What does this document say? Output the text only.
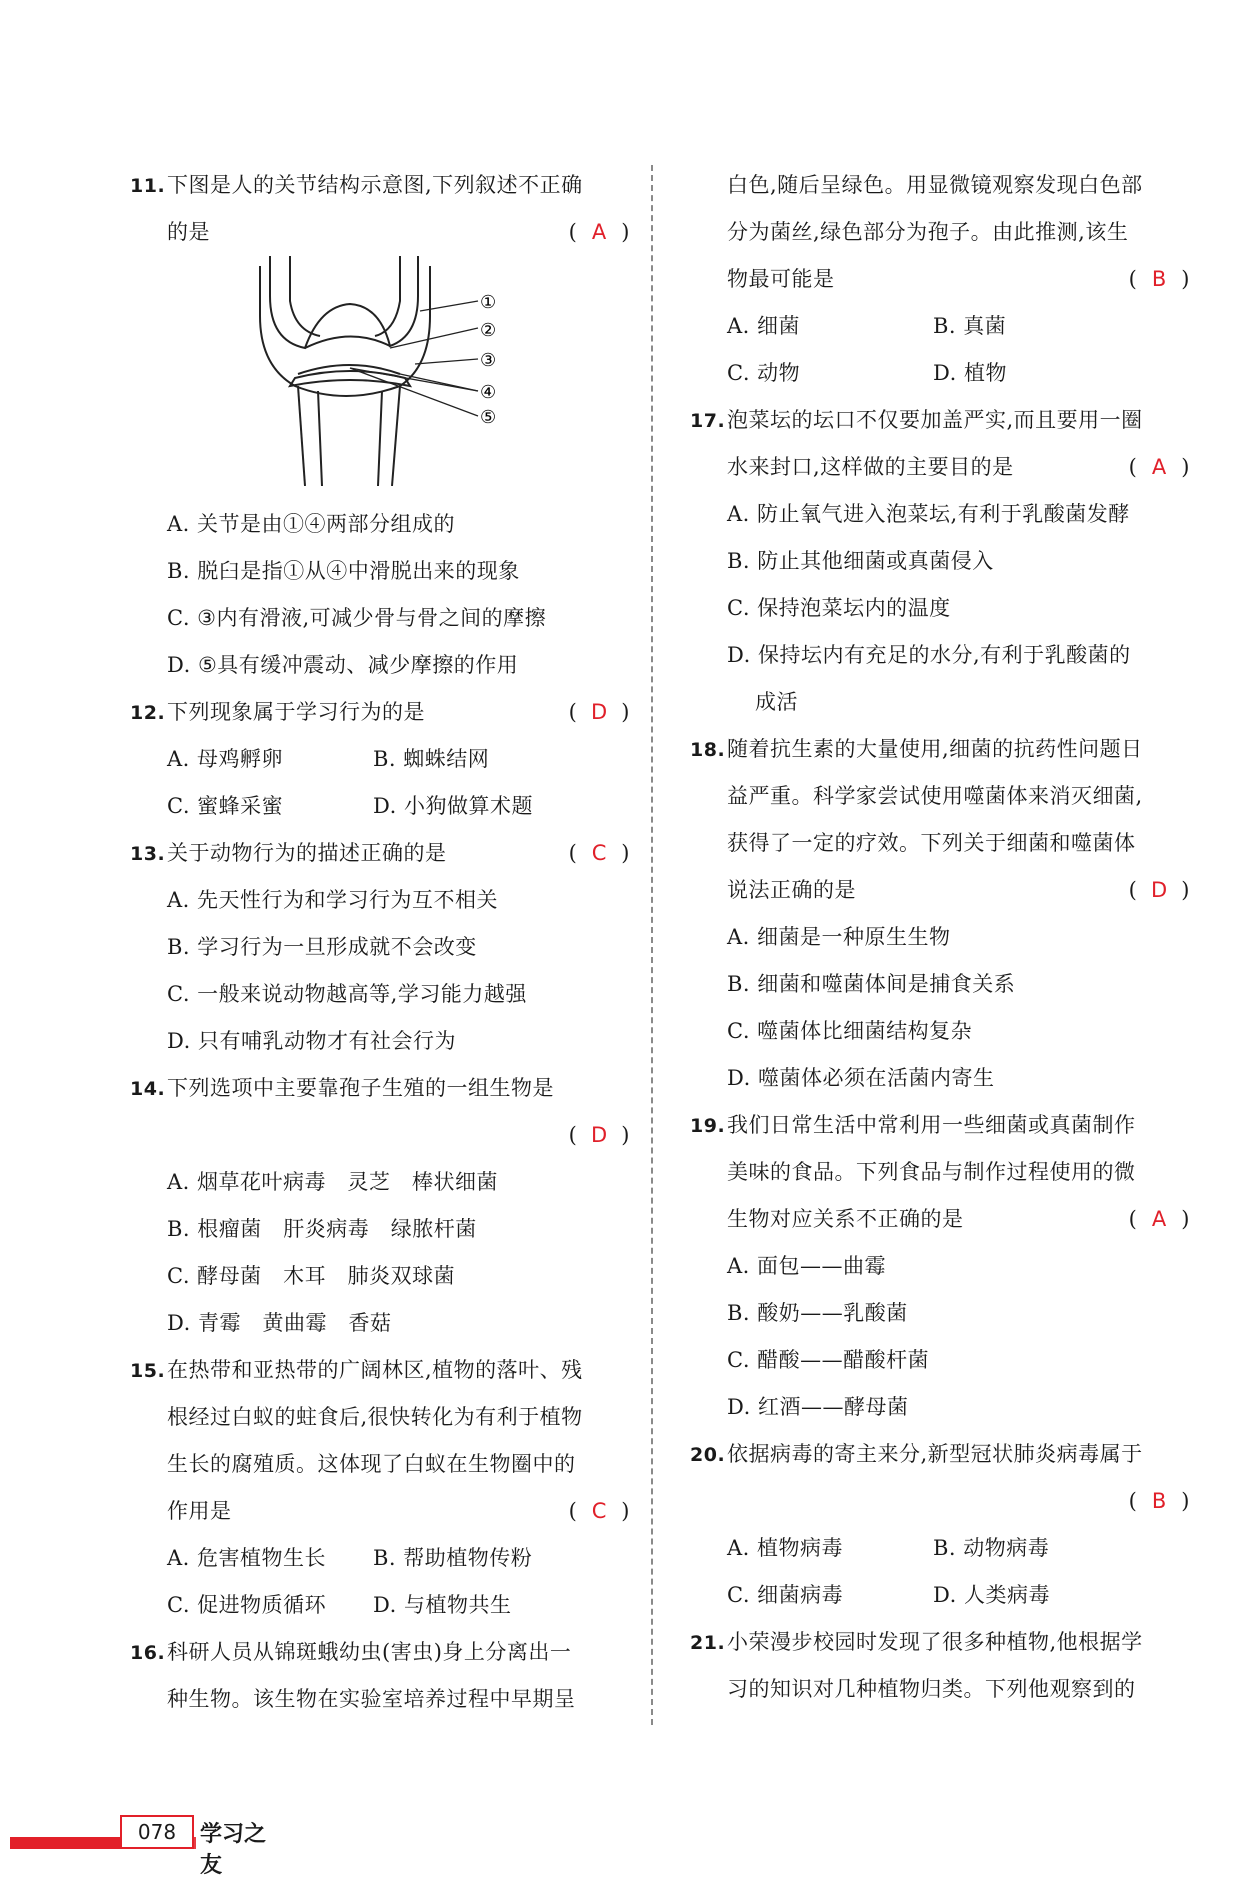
11.下图是人的关节结构示意图,下列叙述不正确
的是	( A )
①
②
③
④
⑤
A. 关节是由①④两部分组成的
B. 脱臼是指①从④中滑脱出来的现象
C. ③内有滑液,可减少骨与骨之间的摩擦
D. ⑤具有缓冲震动、减少摩擦的作用
12.下列现象属于学习行为的是	( D )
A. 母鸡孵卵	B. 蜘蛛结网
C. 蜜蜂采蜜	D. 小狗做算术题
13.关于动物行为的描述正确的是	( C )
A. 先天性行为和学习行为互不相关
B. 学习行为一旦形成就不会改变
C. 一般来说动物越高等,学习能力越强
D. 只有哺乳动物才有社会行为
14.下列选项中主要靠孢子生殖的一组生物是
( D )
A. 烟草花叶病毒　灵芝　棒状细菌
B. 根瘤菌　肝炎病毒　绿脓杆菌
C. 酵母菌　木耳　肺炎双球菌
D. 青霉　黄曲霉　香菇
15.在热带和亚热带的广阔林区,植物的落叶、残
根经过白蚁的蛀食后,很快转化为有利于植物
生长的腐殖质。这体现了白蚁在生物圈中的
作用是	( C )
A. 危害植物生长	B. 帮助植物传粉
C. 促进物质循环	D. 与植物共生
16.科研人员从锦斑蛾幼虫(害虫)身上分离出一
种生物。该生物在实验室培养过程中早期呈
白色,随后呈绿色。用显微镜观察发现白色部
分为菌丝,绿色部分为孢子。由此推测,该生
物最可能是	( B )
A. 细菌	B. 真菌
C. 动物	D. 植物
17.泡菜坛的坛口不仅要加盖严实,而且要用一圈
水来封口,这样做的主要目的是	( A )
A. 防止氧气进入泡菜坛,有利于乳酸菌发酵
B. 防止其他细菌或真菌侵入
C. 保持泡菜坛内的温度
D. 保持坛内有充足的水分,有利于乳酸菌的
成活
18.随着抗生素的大量使用,细菌的抗药性问题日
益严重。科学家尝试使用噬菌体来消灭细菌,
获得了一定的疗效。下列关于细菌和噬菌体
说法正确的是	( D )
A. 细菌是一种原生生物
B. 细菌和噬菌体间是捕食关系
C. 噬菌体比细菌结构复杂
D. 噬菌体必须在活菌内寄生
19.我们日常生活中常利用一些细菌或真菌制作
美味的食品。下列食品与制作过程使用的微
生物对应关系不正确的是	( A )
A. 面包——曲霉
B. 酸奶——乳酸菌
C. 醋酸——醋酸杆菌
D. 红酒——酵母菌
20.依据病毒的寄主来分,新型冠状肺炎病毒属于
( B )
A. 植物病毒	B. 动物病毒
C. 细菌病毒	D. 人类病毒
21.小荣漫步校园时发现了很多种植物,他根据学
习的知识对几种植物归类。下列他观察到的
078	学习之友
